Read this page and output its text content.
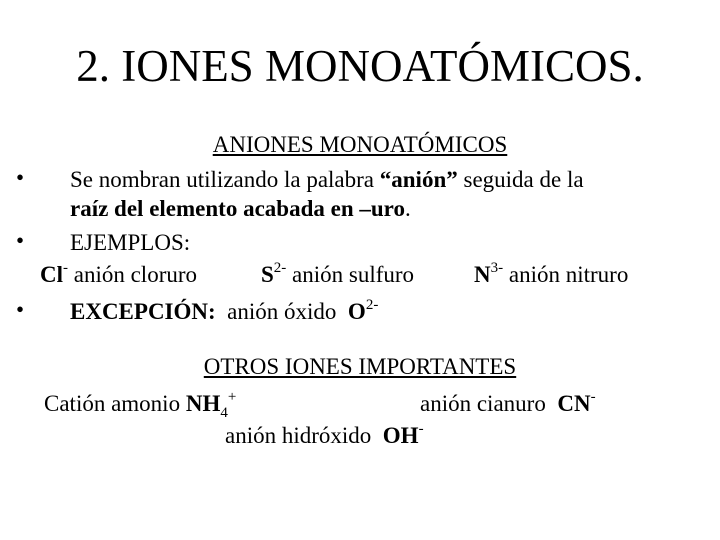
2. IONES MONOATÓMICOS.
ANIONES MONOATÓMICOS
• Se nombran utilizando la palabra “anión” seguida de la
raíz del elemento acabada en –uro.
• EJEMPLOS:
Cl- anión cloruro	$S^{2-}$ anión sulfuro	$N^{3-}$ anión nitruro
• EXCEPCIÓN: anión óxido $O^{2-}$
OTROS IONES IMPORTANTES
Catión amonio $NH_4^+$	anión cianuro CN-
anión hidróxido OH-
